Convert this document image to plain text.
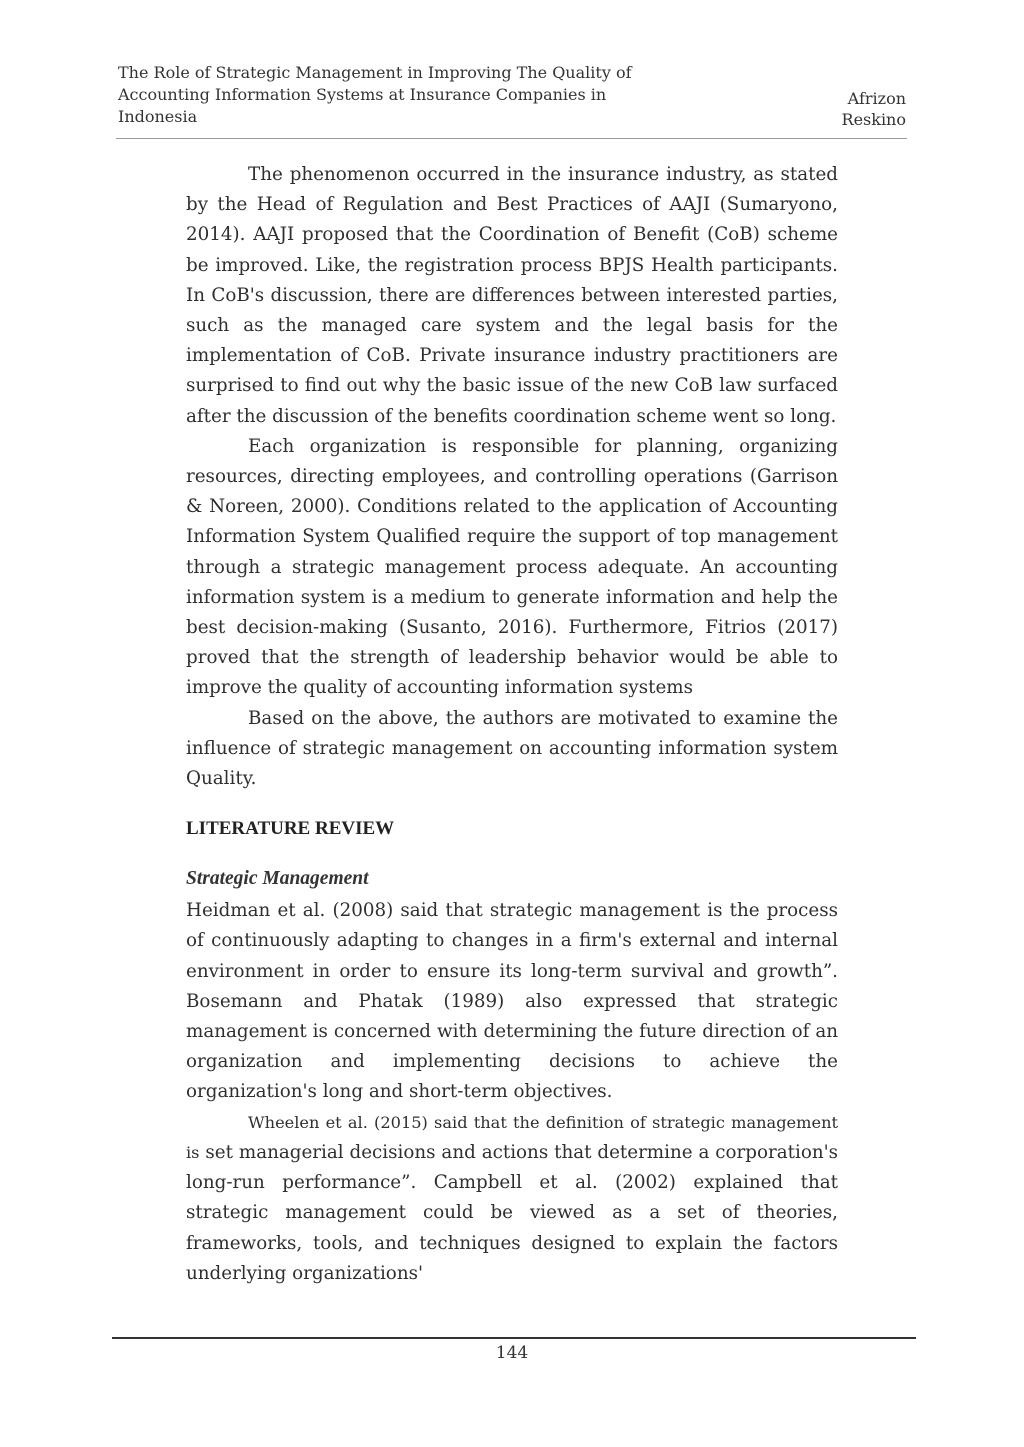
The Role of Strategic Management in Improving The Quality of
Accounting Information Systems at Insurance Companies in
Indonesia
Afrizon
Reskino

The phenomenon occurred in the insurance industry, as stated by the Head of Regulation and Best Practices of AAJI (Sumaryono, 2014). AAJI proposed that the Coordination of Benefit (CoB) scheme be improved. Like, the registration process BPJS Health participants. In CoB's discussion, there are differences between interested parties, such as the managed care system and the legal basis for the implementation of CoB. Private insurance industry practitioners are surprised to find out why the basic issue of the new CoB law surfaced after the discussion of the benefits coordination scheme went so long.

Each organization is responsible for planning, organizing resources, directing employees, and controlling operations (Garrison & Noreen, 2000). Conditions related to the application of Accounting Information System Qualified require the support of top management through a strategic management process adequate. An accounting information system is a medium to generate information and help the best decision-making (Susanto, 2016). Furthermore, Fitrios (2017) proved that the strength of leadership behavior would be able to improve the quality of accounting information systems

Based on the above, the authors are motivated to examine the influence of strategic management on accounting information system Quality.

LITERATURE REVIEW
Strategic Management

Heidman et al. (2008) said that strategic management is the process of continuously adapting to changes in a firm's external and internal environment in order to ensure its long-term survival and growth”. Bosemann and Phatak (1989) also expressed that strategic management is concerned with determining the future direction of an organization and implementing decisions to achieve the organization's long and short-term objectives.

Wheelen et al. (2015) said that the definition of strategic management is set managerial decisions and actions that determine a corporation's long-run performance”. Campbell et al. (2002) explained that strategic management could be viewed as a set of theories, frameworks, tools, and techniques designed to explain the factors underlying organizations'

144
